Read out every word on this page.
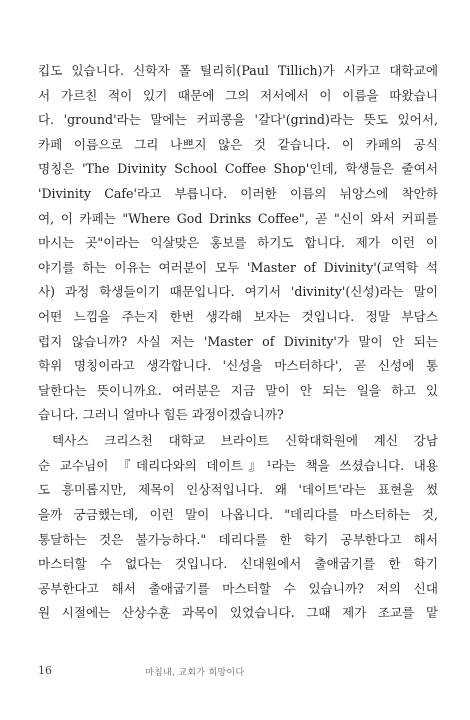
킵도 있습니다. 신학자 폴 틸리히(Paul Tillich)가 시카고 대학교에
서 가르친 적이 있기 때문에 그의 저서에서 이 이름을 따왔습니
다. 'ground'라는 말에는 커피콩을 '갈다'(grind)라는 뜻도 있어서,
카페 이름으로 그리 나쁘지 않은 것 같습니다. 이 카페의 공식
명칭은 'The Divinity School Coffee Shop'인데, 학생들은 줄여서
'Divinity Cafe'라고 부릅니다. 이러한 이름의 뉘앙스에 착안하
여, 이 카페는 "Where God Drinks Coffee", 곧 "신이 와서 커피를
마시는 곳"이라는 익살맞은 홍보를 하기도 합니다. 제가 이런 이
야기를 하는 이유는 여러분이 모두 'Master of Divinity'(교역학 석
사) 과정 학생들이기 때문입니다. 여기서 'divinity'(신성)라는 말이
어떤 느낌을 주는지 한번 생각해 보자는 것입니다. 정말 부담스
럽지 않습니까? 사실 저는 'Master of Divinity'가 말이 안 되는
학위 명칭이라고 생각합니다. '신성을 마스터하다', 곧 신성에 통
달한다는 뜻이니까요. 여러분은 지금 말이 안 되는 일을 하고 있
습니다. 그러니 얼마나 힘든 과정이겠습니까?
텍사스 크리스천 대학교 브라이트 신학대학원에 계신 강남
순 교수님이 『데리다와의 데이트』¹라는 책을 쓰셨습니다. 내용
도 흥미롭지만, 제목이 인상적입니다. 왜 '데이트'라는 표현을 썼
을까 궁금했는데, 이런 말이 나옵니다. "데리다를 마스터하는 것,
통달하는 것은 불가능하다." 데리다를 한 학기 공부한다고 해서
마스터할 수 없다는 것입니다. 신대원에서 출애굽기를 한 학기
공부한다고 해서 출애굽기를 마스터할 수 있습니까? 저의 신대
원 시절에는 산상수훈 과목이 있었습니다. 그때 제가 조교를 맡
16	마침내, 교회가 희망이다
